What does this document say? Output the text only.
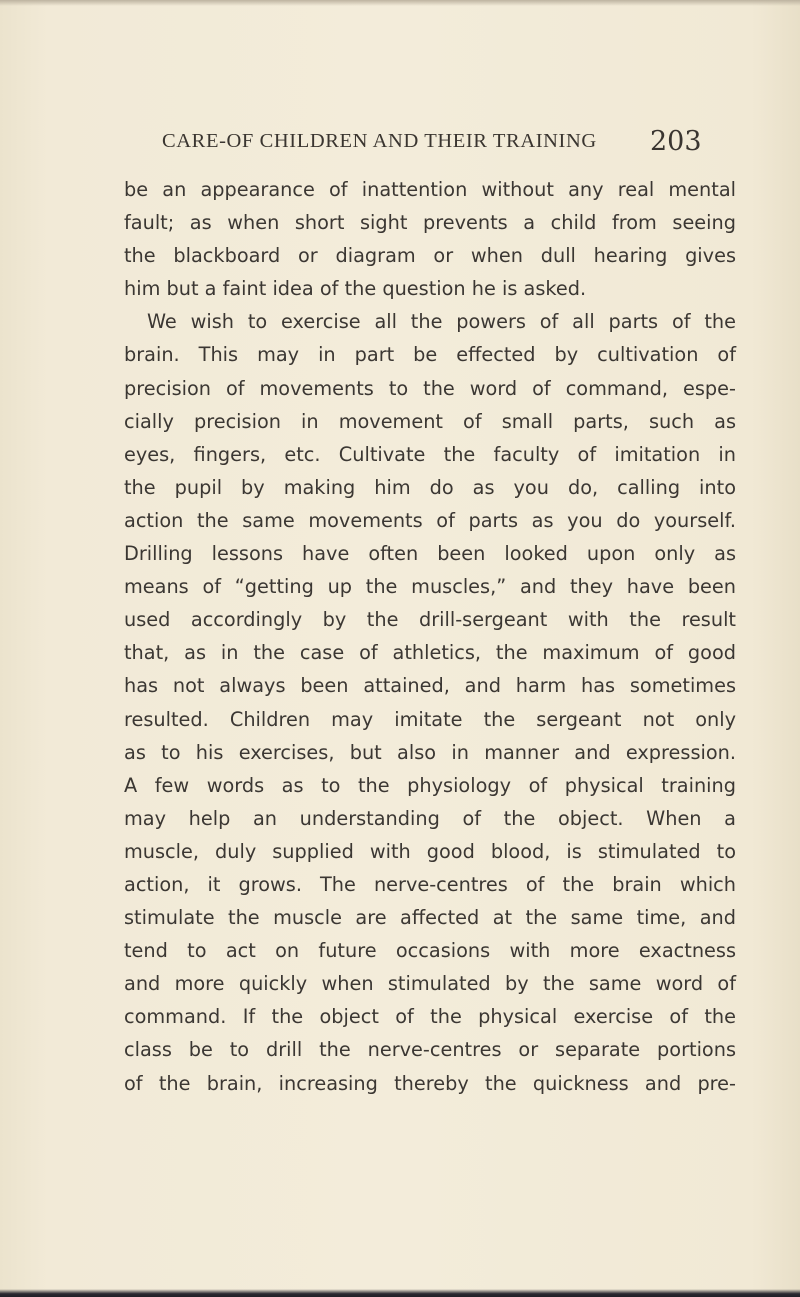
CARE-OF CHILDREN AND THEIR TRAINING 203
be an appearance of inattention without any real mental
fault; as when short sight prevents a child from seeing
the blackboard or diagram or when dull hearing gives
him but a faint idea of the question he is asked.
We wish to exercise all the powers of all parts of the
brain. This may in part be effected by cultivation of
precision of movements to the word of command, espe-
cially precision in movement of small parts, such as
eyes, fingers, etc. Cultivate the faculty of imitation in
the pupil by making him do as you do, calling into
action the same movements of parts as you do yourself.
Drilling lessons have often been looked upon only as
means of “getting up the muscles,” and they have been
used accordingly by the drill-sergeant with the result
that, as in the case of athletics, the maximum of good
has not always been attained, and harm has sometimes
resulted. Children may imitate the sergeant not only
as to his exercises, but also in manner and expression.
A few words as to the physiology of physical training
may help an understanding of the object. When a
muscle, duly supplied with good blood, is stimulated to
action, it grows. The nerve-centres of the brain which
stimulate the muscle are affected at the same time, and
tend to act on future occasions with more exactness
and more quickly when stimulated by the same word of
command. If the object of the physical exercise of the
class be to drill the nerve-centres or separate portions
of the brain, increasing thereby the quickness and pre-
